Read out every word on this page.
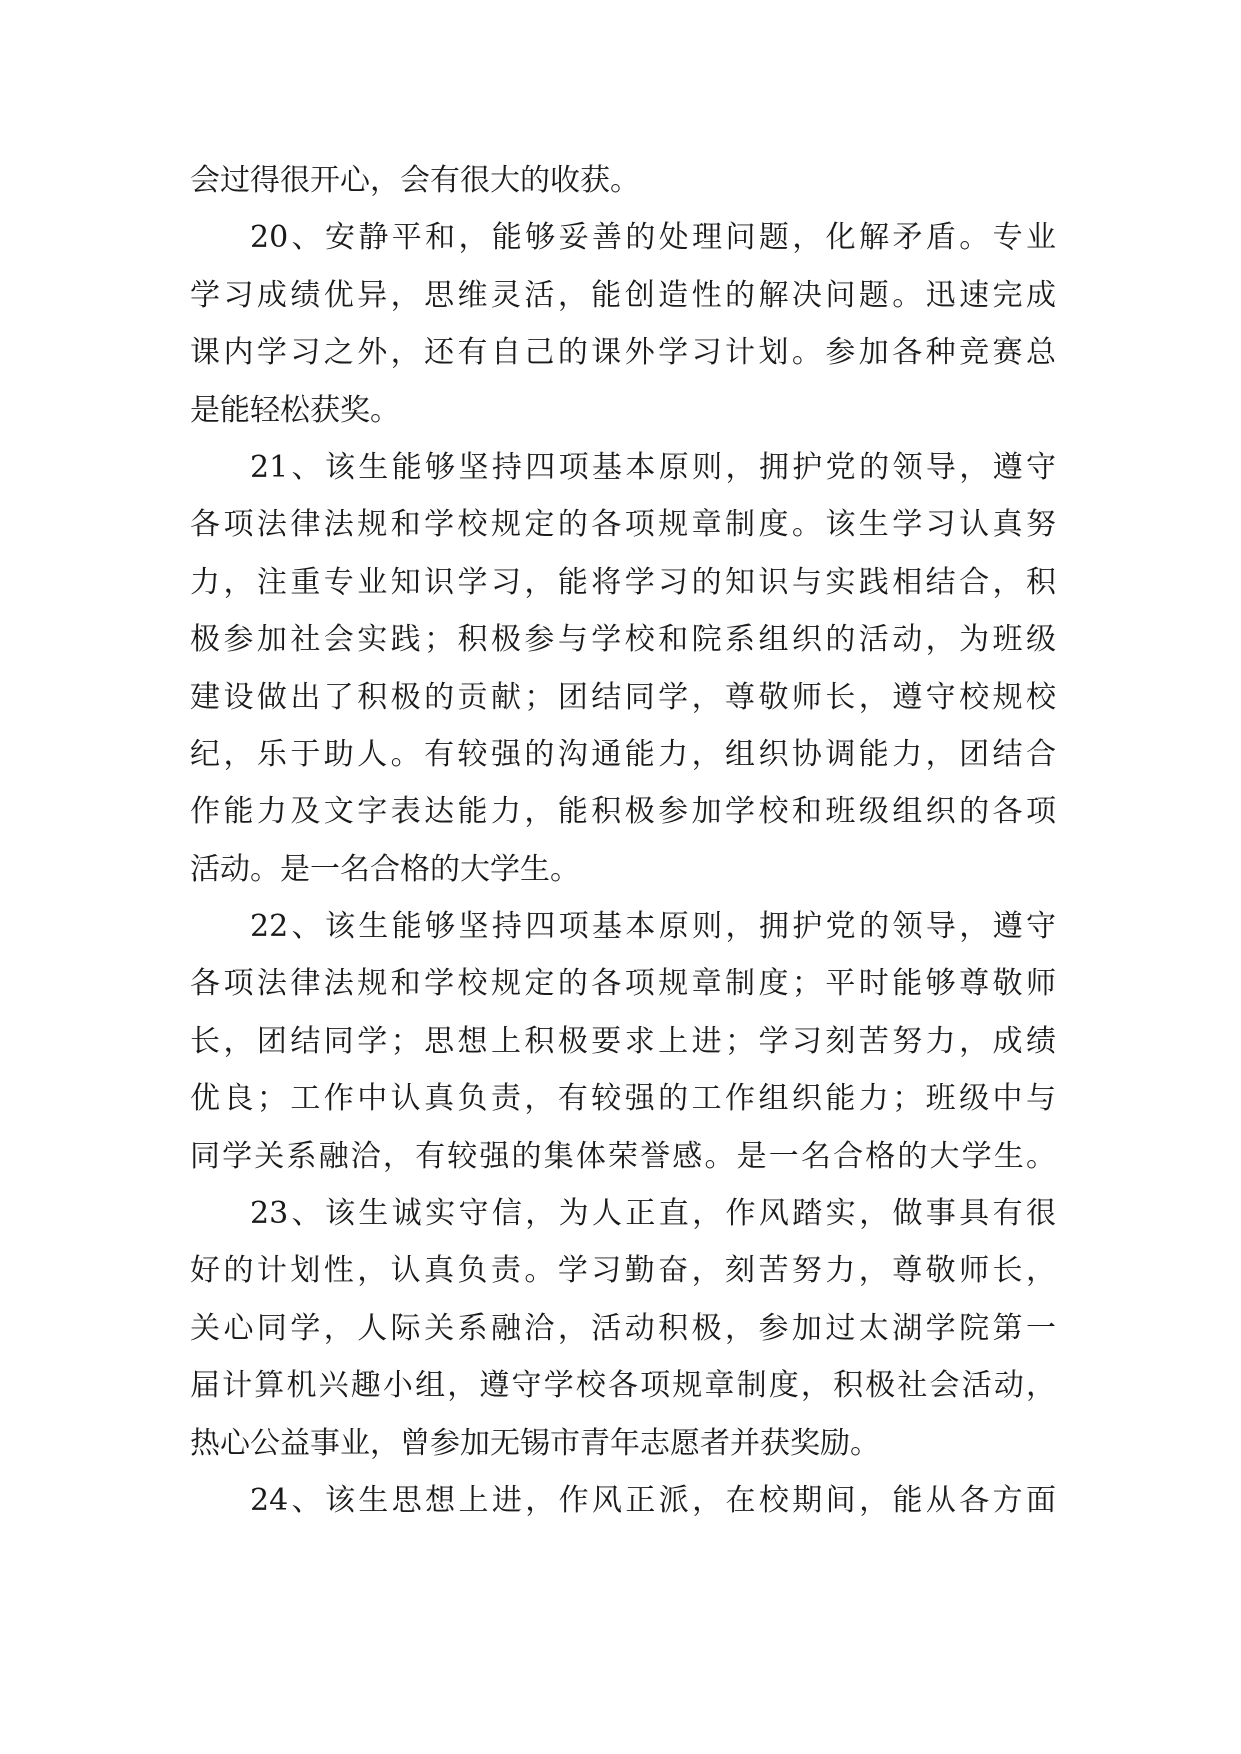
会过得很开心，会有很大的收获。
20、安静平和，能够妥善的处理问题，化解矛盾。专业
学习成绩优异，思维灵活，能创造性的解决问题。迅速完成
课内学习之外，还有自己的课外学习计划。参加各种竞赛总
是能轻松获奖。
21、该生能够坚持四项基本原则，拥护党的领导，遵守
各项法律法规和学校规定的各项规章制度。该生学习认真努
力，注重专业知识学习，能将学习的知识与实践相结合，积
极参加社会实践；积极参与学校和院系组织的活动，为班级
建设做出了积极的贡献；团结同学，尊敬师长，遵守校规校
纪，乐于助人。有较强的沟通能力，组织协调能力，团结合
作能力及文字表达能力，能积极参加学校和班级组织的各项
活动。是一名合格的大学生。
22、该生能够坚持四项基本原则，拥护党的领导，遵守
各项法律法规和学校规定的各项规章制度；平时能够尊敬师
长，团结同学；思想上积极要求上进；学习刻苦努力，成绩
优良；工作中认真负责，有较强的工作组织能力；班级中与
同学关系融洽，有较强的集体荣誉感。是一名合格的大学生。
23、该生诚实守信，为人正直，作风踏实，做事具有很
好的计划性，认真负责。学习勤奋，刻苦努力，尊敬师长，
关心同学，人际关系融洽，活动积极，参加过太湖学院第一
届计算机兴趣小组，遵守学校各项规章制度，积极社会活动，
热心公益事业，曾参加无锡市青年志愿者并获奖励。
24、该生思想上进，作风正派，在校期间，能从各方面
